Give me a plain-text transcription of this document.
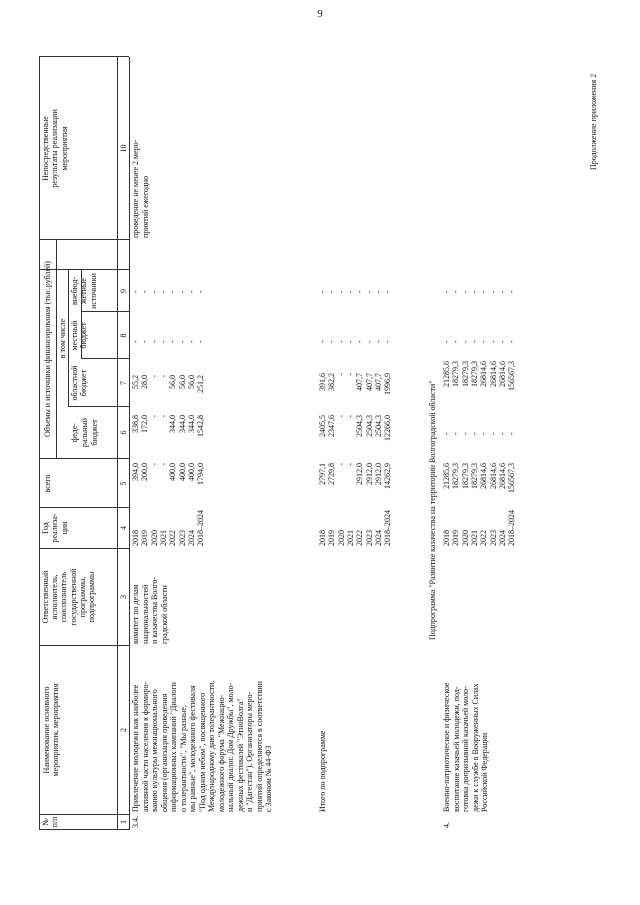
9
Продолжение приложения 2
№
п/п
Наименование основного
мероприятия, мероприятия
Ответственный
исполнитель,
соисполнитель
государственной
программы,
подпрограммы
Год
реализа-
ции
Объемы и источники финансирования (тыс.рублей)
всего
в том числе
феде-
ральный
бюджет
областной
бюджет
местный
бюджет
внебюд-
жетные
источники
Непосредственные
результаты реализации
мероприятия
1
2
3
4
5
6
7
8
9
10
3.4.
Привлечение молодежи как наиболее
активной части населения к формиро-
ванию культуры межнационального
общения (организация проведения
информационных кампаний "Диалоги
о толерантности", "Мы разные,
мы равные", молодежного фестиваля
"Под одним небом", посвященного
Международному дню толерантности,
молодежного форума "Межнацио-
нальный диалог. Дом Дружбы", моло-
дежных фестивалей "ЭтноВолга"
и "Дагестан"). Организаторы меро-
приятий определяются в соответствии
с Законом № 44-ФЗ
комитет по делам
национальностей
и казачества Волго-
градской области
2018
2019
2020
2021
2022
2023
2024
2018–2024
394,0
200,0
-
-
400,0
400,0
400,0
1794,0
338,8
172,0
-
-
344,0
344,0
344,0
1542,8
55,2
28,0
-
-
56,0
56,0
56,0
251,2
-
-
-
-
-
-
-
-
-
-
-
-
-
-
-
-
проведение не менее 2 меро-
приятий ежегодно
Итого по подпрограмме
2018
2019
2020
2021
2022
2023
2024
2018–2024
2797,1
2729,8
-
-
2912,0
2912,0
2912,0
14262,9
2405,5
2347,6
-
-
2504,3
2504,3
2504,3
12266,0
391,6
382,2
-
-
407,7
407,7
407,7
1996,9
-
-
-
-
-
-
-
-
-
-
-
-
-
-
-
-
Подпрограмма "Развитие казачества на территории Волгоградской области"
4.
Военно-патриотическое и физическое
воспитание казачьей молодежи, под-
готовка допризывной казачьей моло-
дежи к службе в Вооруженных Силах
Российской Федерации
2018
2019
2020
2021
2022
2023
2024
2018–2024
21285,6
18279,3
18279,3
18279,3
26814,6
26814,6
26814,6
156567,3
-
-
-
-
-
-
-
-
21285,6
18279,3
18279,3
18279,3
26814,6
26814,6
26814,6
156567,3
-
-
-
-
-
-
-
-
-
-
-
-
-
-
-
-
